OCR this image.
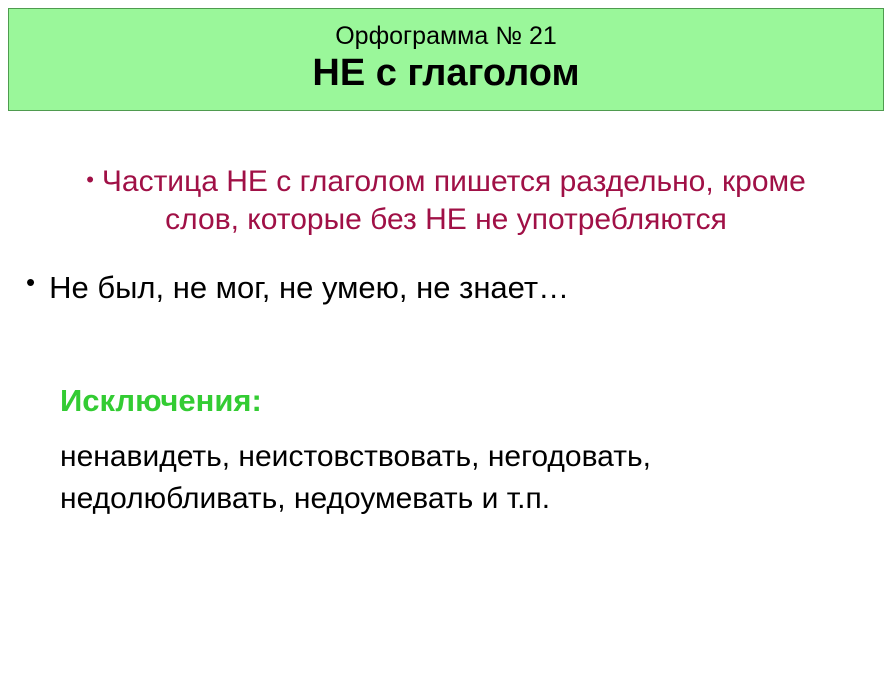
Орфограмма № 21
НЕ с глаголом
• Частица НЕ с глаголом пишется раздельно, кроме слов, которые без НЕ не употребляются
• Не был, не мог, не умею, не знает…
Исключения:
ненавидеть, неистовствовать, негодовать, недолюбливать, недоумевать и т.п.
